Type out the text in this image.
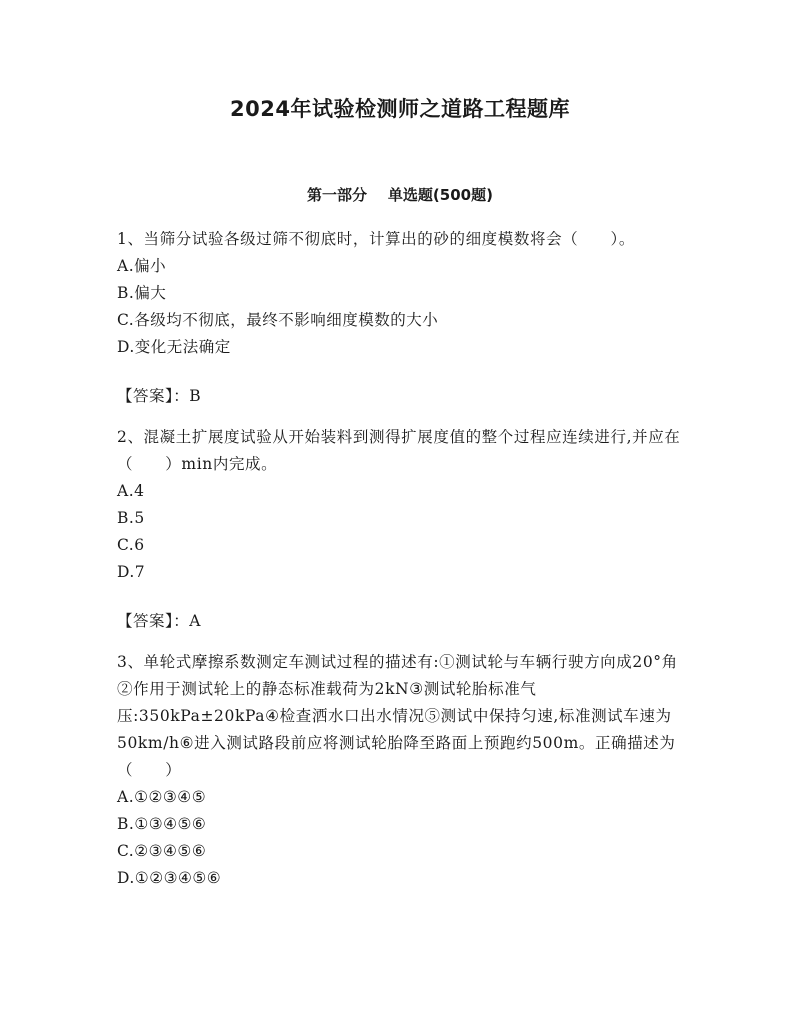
2024年试验检测师之道路工程题库
第一部分    单选题(500题)

1、当筛分试验各级过筛不彻底时，计算出的砂的细度模数将会（　　）。

A.偏小
B.偏大
C.各级均不彻底，最终不影响细度模数的大小
D.变化无法确定
【答案】：B

2、混凝土扩展度试验从开始装料到测得扩展度值的整个过程应连续进行,并应在（　　）min内完成。

A.4
B.5
C.6
D.7
【答案】：A

3、单轮式摩擦系数测定车测试过程的描述有:①测试轮与车辆行驶方向成20°角②作用于测试轮上的静态标准载荷为2kN③测试轮胎标准气压:350kPa±20kPa④检查洒水口出水情况⑤测试中保持匀速,标准测试车速为50km/h⑥进入测试路段前应将测试轮胎降至路面上预跑约500m。正确描述为（　　）

A.①②③④⑤
B.①③④⑤⑥
C.②③④⑤⑥
D.①②③④⑤⑥
